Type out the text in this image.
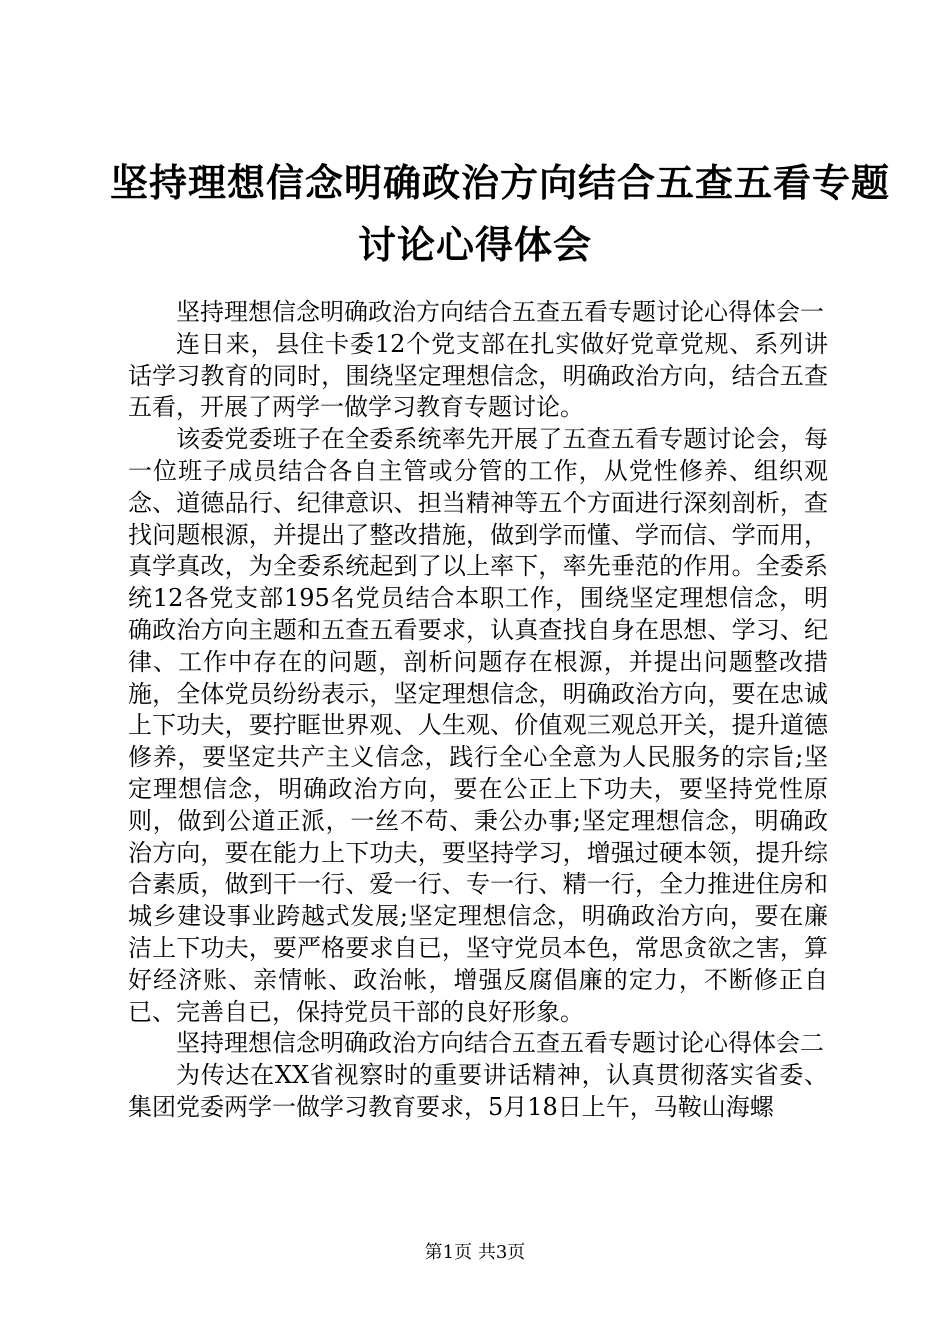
坚持理想信念明确政治方向结合五查五看专题
讨论心得体会

坚持理想信念明确政治方向结合五查五看专题讨论心得体会一

连日来，县住卡委12个党支部在扎实做好党章党规、系列讲话学习教育的同时，围绕坚定理想信念，明确政治方向，结合五查五看，开展了两学一做学习教育专题讨论。

该委党委班子在全委系统率先开展了五查五看专题讨论会，每一位班子成员结合各自主管或分管的工作，从党性修养、组织观念、道德品行、纪律意识、担当精神等五个方面进行深刻剖析，查找问题根源，并提出了整改措施，做到学而懂、学而信、学而用，真学真改，为全委系统起到了以上率下，率先垂范的作用。全委系统12各党支部195名党员结合本职工作，围绕坚定理想信念，明确政治方向主题和五查五看要求，认真查找自身在思想、学习、纪律、工作中存在的问题，剖析问题存在根源，并提出问题整改措施，全体党员纷纷表示，坚定理想信念，明确政治方向，要在忠诚上下功夫，要拧眶世界观、人生观、价值观三观总开关，提升道德修养，要坚定共产主义信念，践行全心全意为人民服务的宗旨;坚定理想信念，明确政治方向，要在公正上下功夫，要坚持党性原则，做到公道正派，一丝不苟、秉公办事;坚定理想信念，明确政治方向，要在能力上下功夫，要坚持学习，增强过硬本领，提升综合素质，做到干一行、爱一行、专一行、精一行，全力推进住房和城乡建设事业跨越式发展;坚定理想信念，明确政治方向，要在廉洁上下功夫，要严格要求自已，坚守党员本色，常思贪欲之害，算好经济账、亲情帐、政治帐，增强反腐倡廉的定力，不断修正自已、完善自已，保持党员干部的良好形象。

坚持理想信念明确政治方向结合五查五看专题讨论心得体会二

为传达在XX省视察时的重要讲话精神，认真贯彻落实省委、集团党委两学一做学习教育要求，5月18日上午，马鞍山海螺

第1页 共3页
